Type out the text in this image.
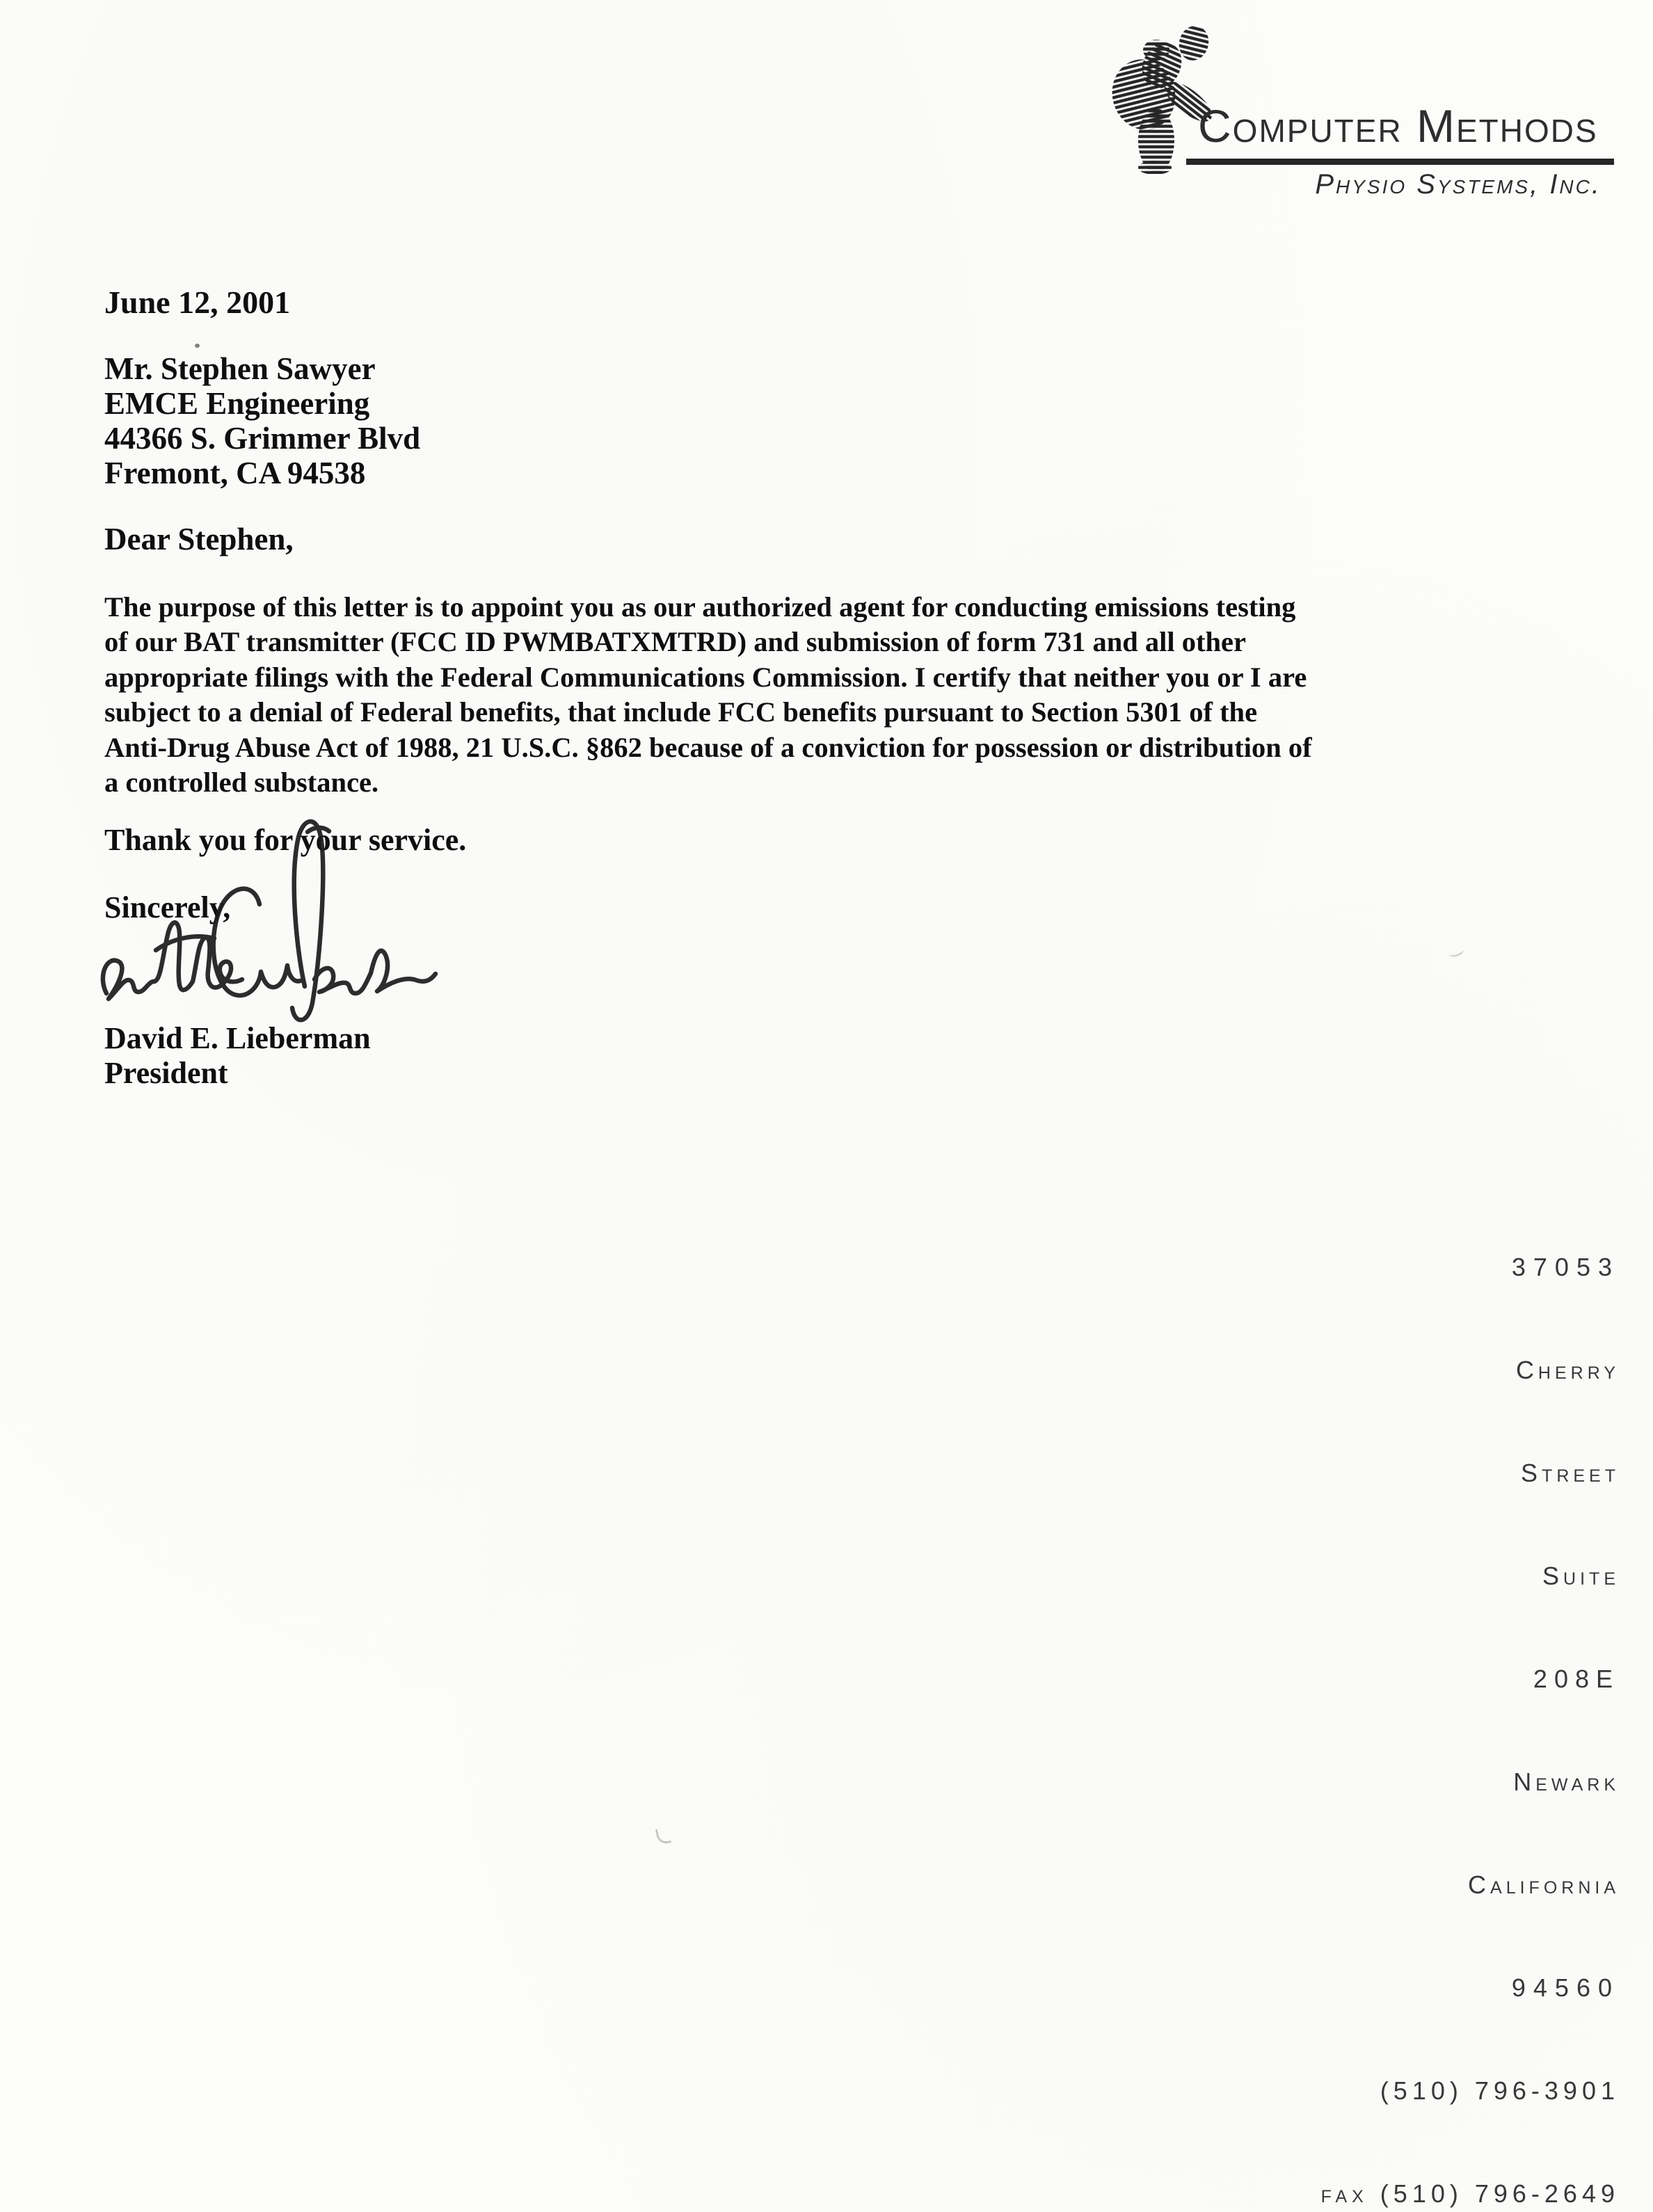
Computer Methods
Physio Systems, Inc.
June 12, 2001
Mr. Stephen Sawyer
EMCE Engineering
44366 S. Grimmer Blvd
Fremont, CA 94538
Dear Stephen,
The purpose of this letter is to appoint you as our authorized agent for conducting emissions testing
of our BAT transmitter (FCC ID PWMBATXMTRD) and submission of form 731 and all other
appropriate filings with the Federal Communications Commission. I certify that neither you or I are
subject to a denial of Federal benefits, that include FCC benefits pursuant to Section 5301 of the
Anti-Drug Abuse Act of 1988, 21 U.S.C. §862 because of a conviction for possession or distribution of
a controlled substance.
Thank you for your service.
Sincerely,
David E. Lieberman
President
37053
Cherry
Street
Suite
208E
Newark
California
94560
(510) 796-3901
fax (510) 796-2649
